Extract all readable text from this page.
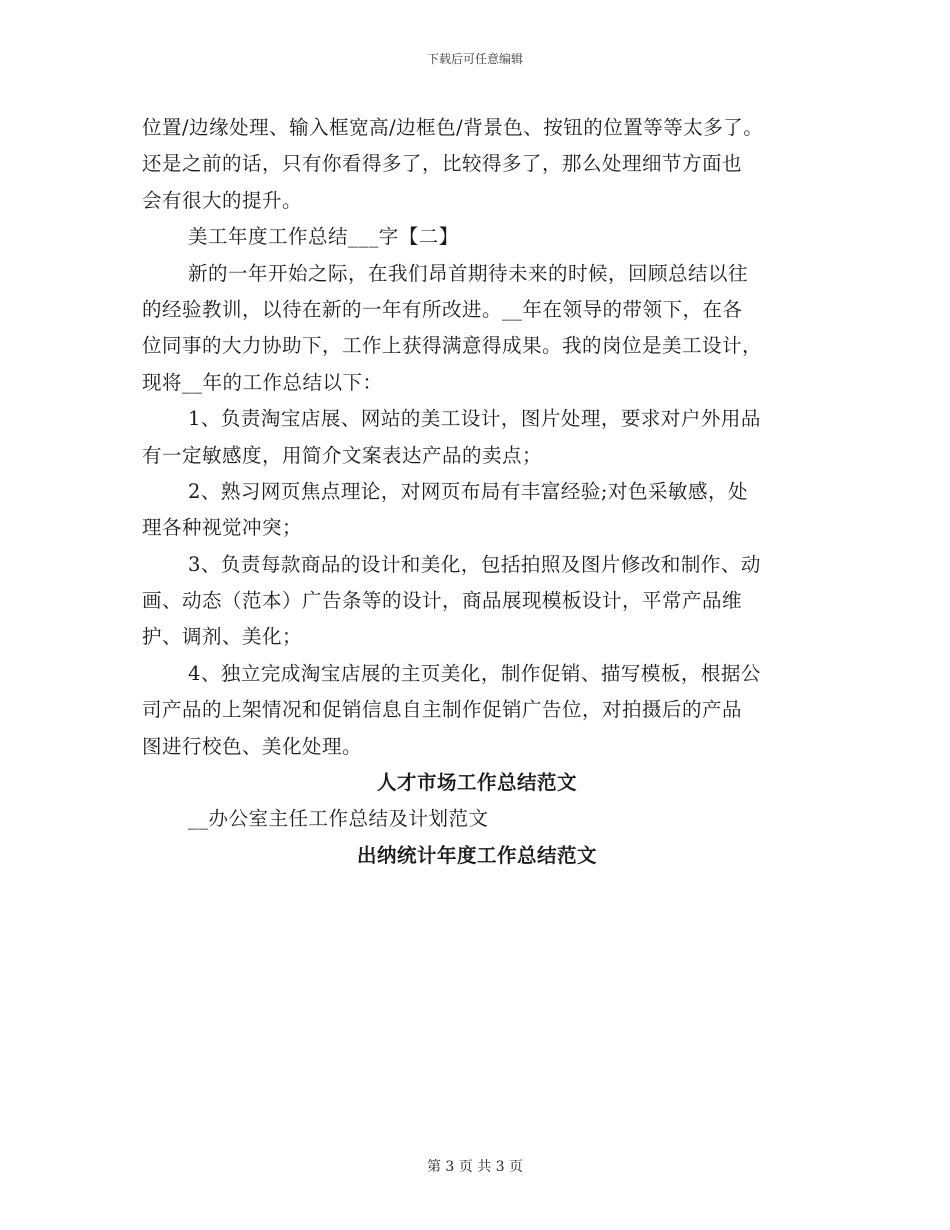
下载后可任意编辑
位置/边缘处理、输入框宽高/边框色/背景色、按钮的位置等等太多了。
还是之前的话，只有你看得多了，比较得多了，那么处理细节方面也
会有很大的提升。
美工年度工作总结___字【二】
新的一年开始之际，在我们昂首期待未来的时候，回顾总结以往
的经验教训，以待在新的一年有所改进。__年在领导的带领下，在各
位同事的大力协助下，工作上获得满意得成果。我的岗位是美工设计，
现将__年的工作总结以下：
1、负责淘宝店展、网站的美工设计，图片处理，要求对户外用品
有一定敏感度，用简介文案表达产品的卖点；
2、熟习网页焦点理论，对网页布局有丰富经验;对色采敏感，处
理各种视觉冲突；
3、负责每款商品的设计和美化，包括拍照及图片修改和制作、动
画、动态（范本）广告条等的设计，商品展现模板设计，平常产品维
护、调剂、美化；
4、独立完成淘宝店展的主页美化，制作促销、描写模板，根据公
司产品的上架情况和促销信息自主制作促销广告位，对拍摄后的产品
图进行校色、美化处理。
人才市场工作总结范文
__办公室主任工作总结及计划范文
出纳统计年度工作总结范文
第 3 页 共 3 页
